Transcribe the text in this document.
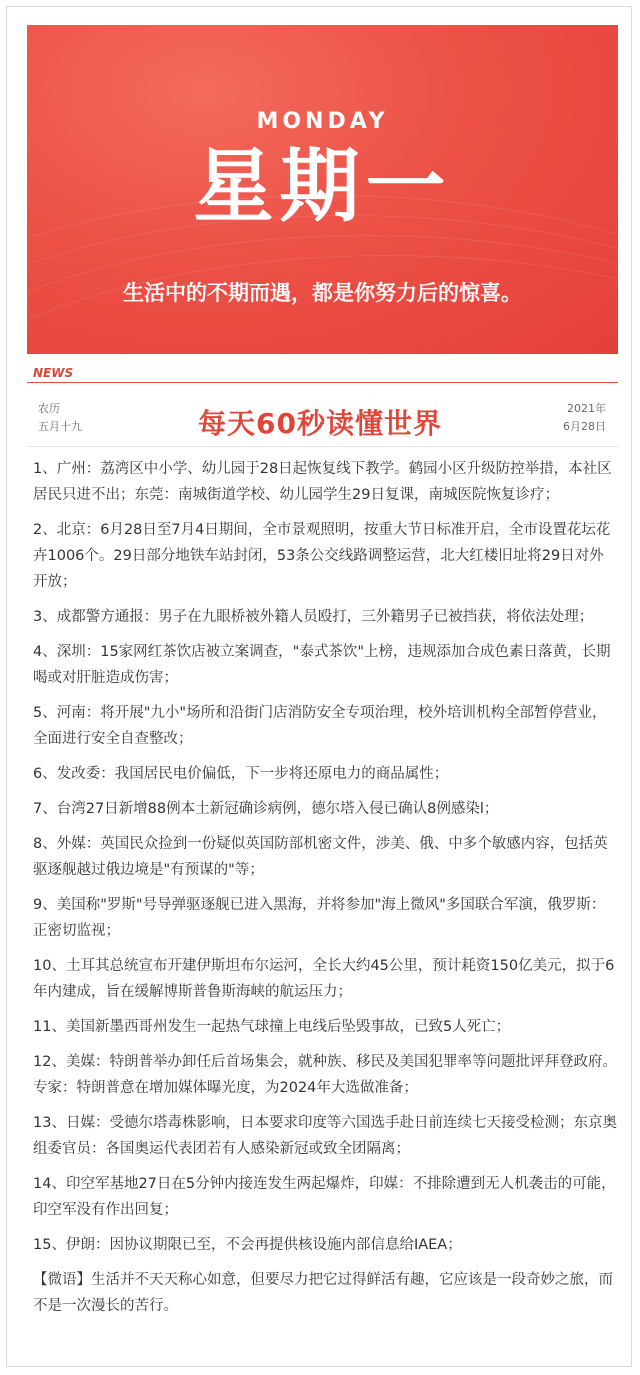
MONDAY
星期一
生活中的不期而遇，都是你努力后的惊喜。
NEWS
农历
五月十九	每天60秒读懂世界	2021年
6月28日
1、广州：荔湾区中小学、幼儿园于28日起恢复线下教学。鹤园小区升级防控举措，本社区居民只进不出；东莞：南城街道学校、幼儿园学生29日复课，南城医院恢复诊疗；
2、北京：6月28日至7月4日期间，全市景观照明，按重大节日标准开启，全市设置花坛花卉1006个。29日部分地铁车站封闭，53条公交线路调整运营，北大红楼旧址将29日对外开放；
3、成都警方通报：男子在九眼桥被外籍人员殴打，三外籍男子已被挡获，将依法处理；
4、深圳：15家网红茶饮店被立案调查，"泰式茶饮"上榜，违规添加合成色素日落黄，长期喝或对肝脏造成伤害；
5、河南：将开展"九小"场所和沿街门店消防安全专项治理，校外培训机构全部暂停营业，全面进行安全自查整改；
6、发改委：我国居民电价偏低，下一步将还原电力的商品属性；
7、台湾27日新增88例本土新冠确诊病例，德尔塔入侵已确认8例感染l；
8、外媒：英国民众捡到一份疑似英国防部机密文件，涉美、俄、中多个敏感内容，包括英驱逐舰越过俄边境是"有预谋的"等；
9、美国称"罗斯"号导弹驱逐舰已进入黑海，并将参加"海上微风"多国联合军演，俄罗斯：正密切监视；
10、土耳其总统宣布开建伊斯坦布尔运河，全长大约45公里，预计耗资150亿美元，拟于6年内建成，旨在缓解博斯普鲁斯海峡的航运压力；
11、美国新墨西哥州发生一起热气球撞上电线后坠毁事故，已致5人死亡；
12、美媒：特朗普举办卸任后首场集会，就种族、移民及美国犯罪率等问题批评拜登政府。专家：特朗普意在增加媒体曝光度，为2024年大选做准备；
13、日媒：受德尔塔毒株影响，日本要求印度等六国选手赴日前连续七天接受检测；东京奥组委官员：各国奥运代表团若有人感染新冠或致全团隔离；
14、印空军基地27日在5分钟内接连发生两起爆炸，印媒：不排除遭到无人机袭击的可能，印空军没有作出回复；
15、伊朗：因协议期限已至，不会再提供核设施内部信息给IAEA；
【微语】生活并不天天称心如意，但要尽力把它过得鲜活有趣，它应该是一段奇妙之旅，而不是一次漫长的苦行。
